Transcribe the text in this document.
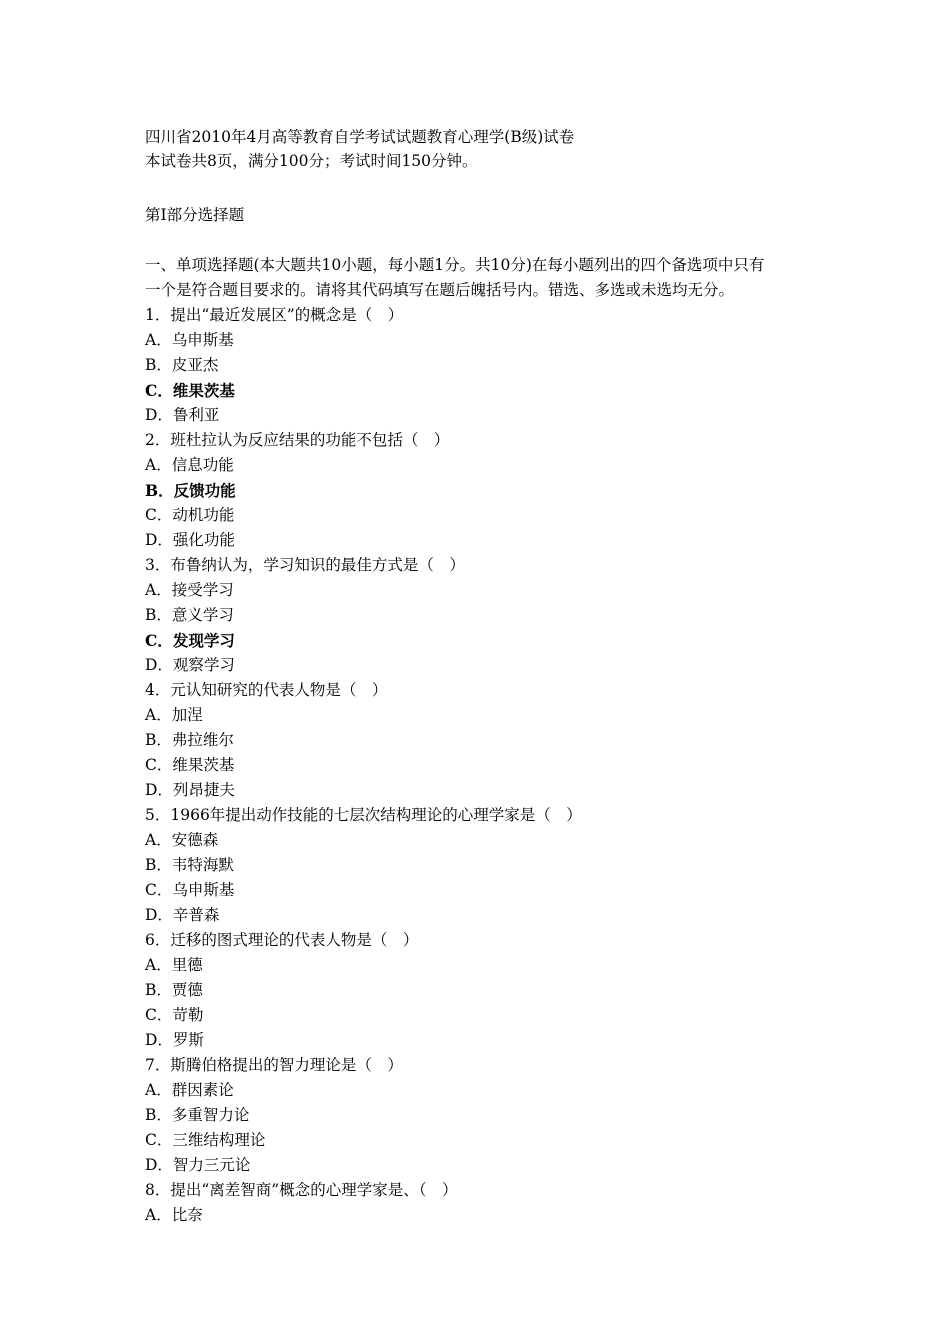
四川省2010年4月高等教育自学考试试题教育心理学(B级)试卷
本试卷共8页，满分100分；考试时间150分钟。
第Ⅰ部分选择题
一、单项选择题(本大题共10小题，每小题1分。共10分)在每小题列出的四个备选项中只有
一个是符合题目要求的。请将其代码填写在题后魄括号内。错选、多选或未选均无分。
1．提出“最近发展区”的概念是（　）
A．乌申斯基
B．皮亚杰
C．维果茨基
D．鲁利亚
2．班杜拉认为反应结果的功能不包括（　）
A．信息功能
B．反馈功能
C．动机功能
D．强化功能
3．布鲁纳认为，学习知识的最佳方式是（　）
A．接受学习
B．意义学习
C．发现学习
D．观察学习
4．元认知研究的代表人物是（　）
A．加涅
B．弗拉维尔
C．维果茨基
D．列昂捷夫
5．1966年提出动作技能的七层次结构理论的心理学家是（　）
A．安德森
B．韦特海默
C．乌申斯基
D．辛普森
6．迁移的图式理论的代表人物是（　）
A．里德
B．贾德
C．苛勒
D．罗斯
7．斯腾伯格提出的智力理论是（　）
A．群因素论
B．多重智力论
C．三维结构理论
D．智力三元论
8．提出“离差智商”概念的心理学家是、（　）
A．比奈
